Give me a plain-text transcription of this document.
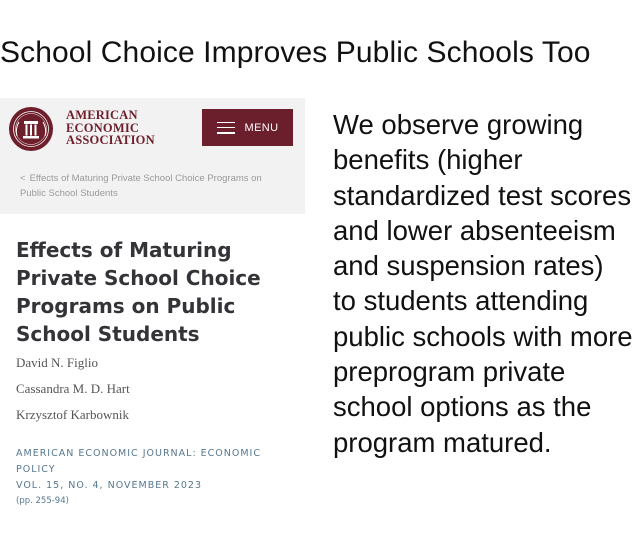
School Choice Improves Public Schools Too
AMERICAN
ECONOMIC
ASSOCIATION
MENU
< Effects of Maturing Private School Choice Programs on Public School Students
Effects of Maturing Private School Choice Programs on Public School Students
David N. Figlio
Cassandra M. D. Hart
Krzysztof Karbownik
AMERICAN ECONOMIC JOURNAL: ECONOMIC POLICY
VOL. 15, NO. 4, NOVEMBER 2023
(pp. 255-94)
We observe growing benefits (higher standardized test scores and lower absenteeism and suspension rates) to students attending public schools with more preprogram private school options as the program matured.
